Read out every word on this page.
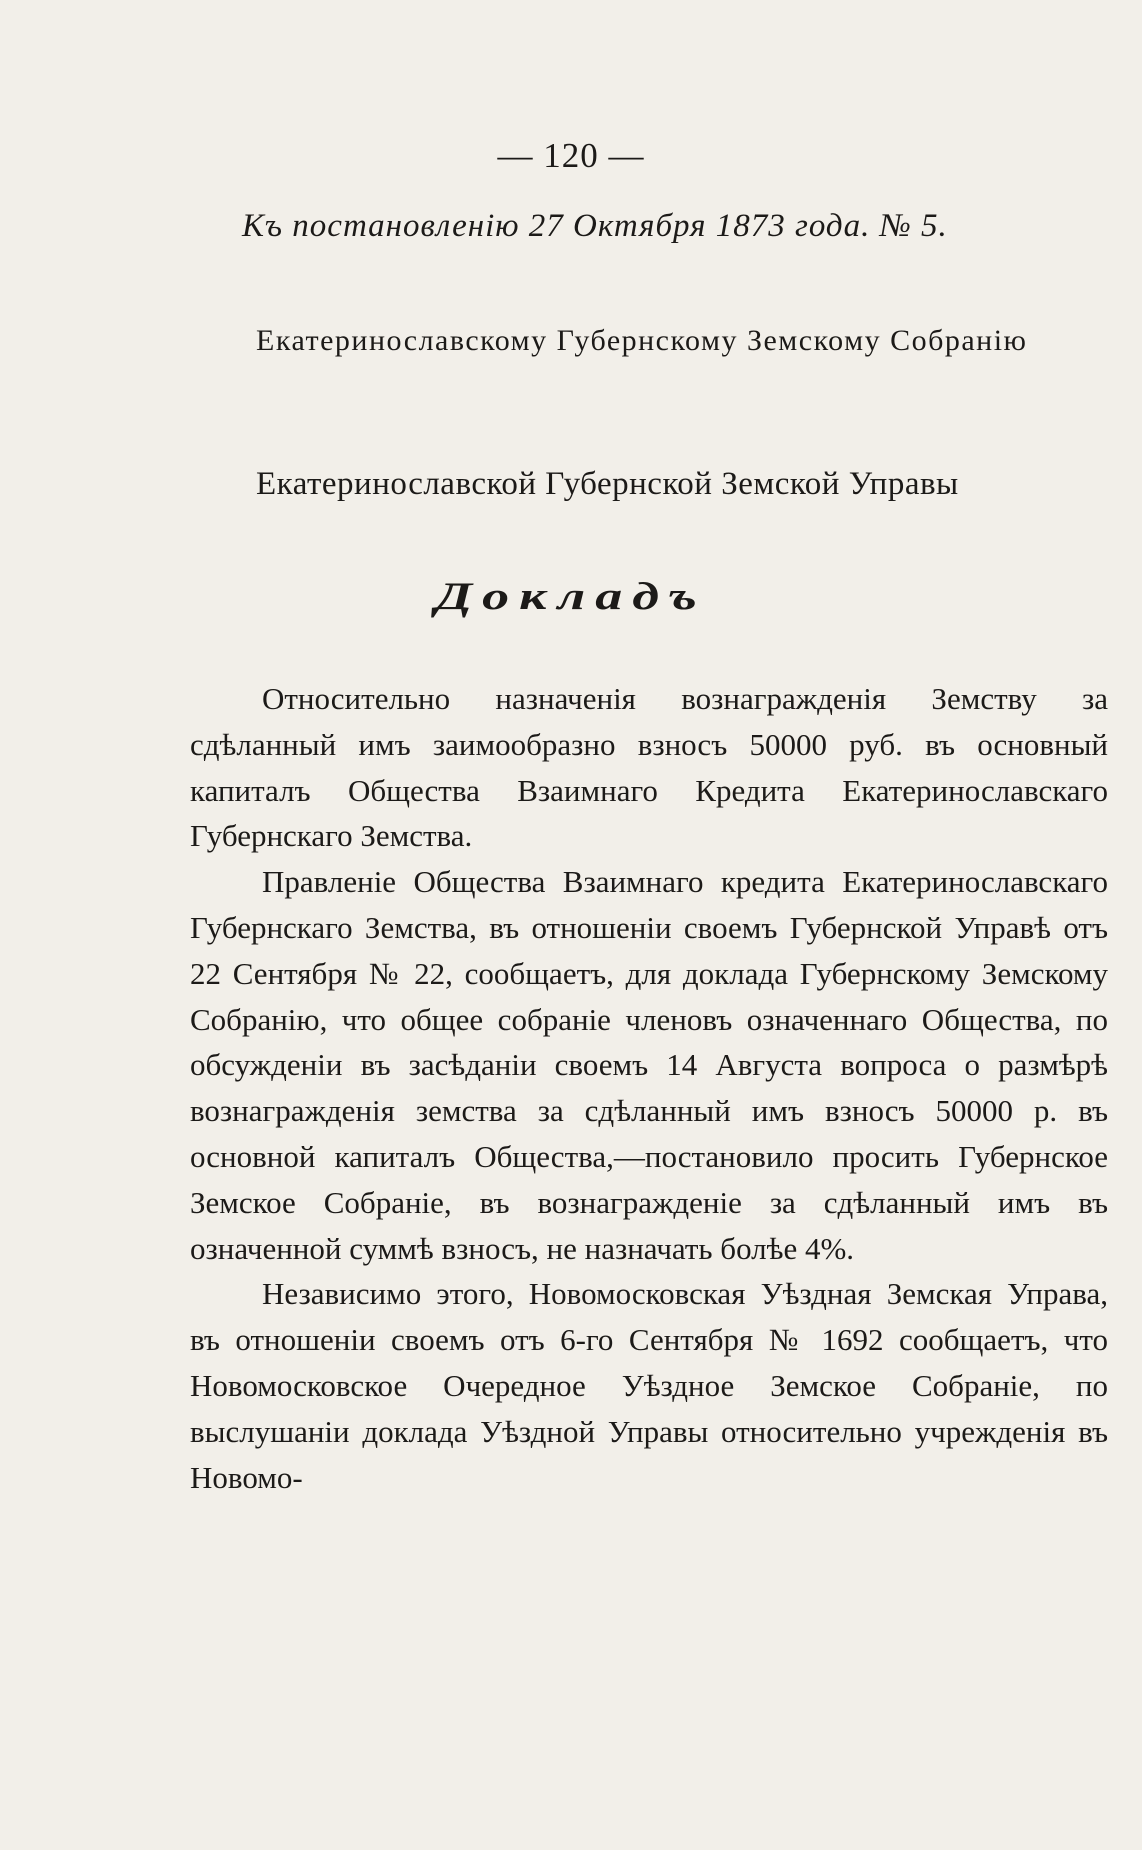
— 120 —
Къ постановленію 27 Октября 1873 года. № 5.
Екатеринославскому Губернскому Земскому Собранію
Екатеринославской Губернской Земской Управы
Докладъ

Относительно назначенія вознагражденія Земству за сдѣланный имъ заимообразно взносъ 50000 руб. въ основный капиталъ Общества Взаимнаго Кредита Екатеринославскаго Губернскаго Земства.

Правленіе Общества Взаимнаго кредита Екатеринославскаго Губернскаго Земства, въ отношеніи своемъ Губернской Управѣ отъ 22 Сентября № 22, сообщаетъ, для доклада Губернскому Земскому Собранію, что общее собраніе членовъ означеннаго Общества, по обсужденіи въ засѣданіи своемъ 14 Августа вопроса о размѣрѣ вознагражденія земства за сдѣланный имъ взносъ 50000 р. въ основной капиталъ Общества,—постановило просить Губернское Земское Собраніе, въ вознагражденіе за сдѣланный имъ въ означенной суммѣ взносъ, не назначать болѣе 4%.

Независимо этого, Новомосковская Уѣздная Земская Управа, въ отношеніи своемъ отъ 6-го Сентября № 1692 сообщаетъ, что Новомосковское Очередное Уѣздное Земское Собраніе, по выслушаніи доклада Уѣздной Управы относительно учрежденія въ Новомо-
